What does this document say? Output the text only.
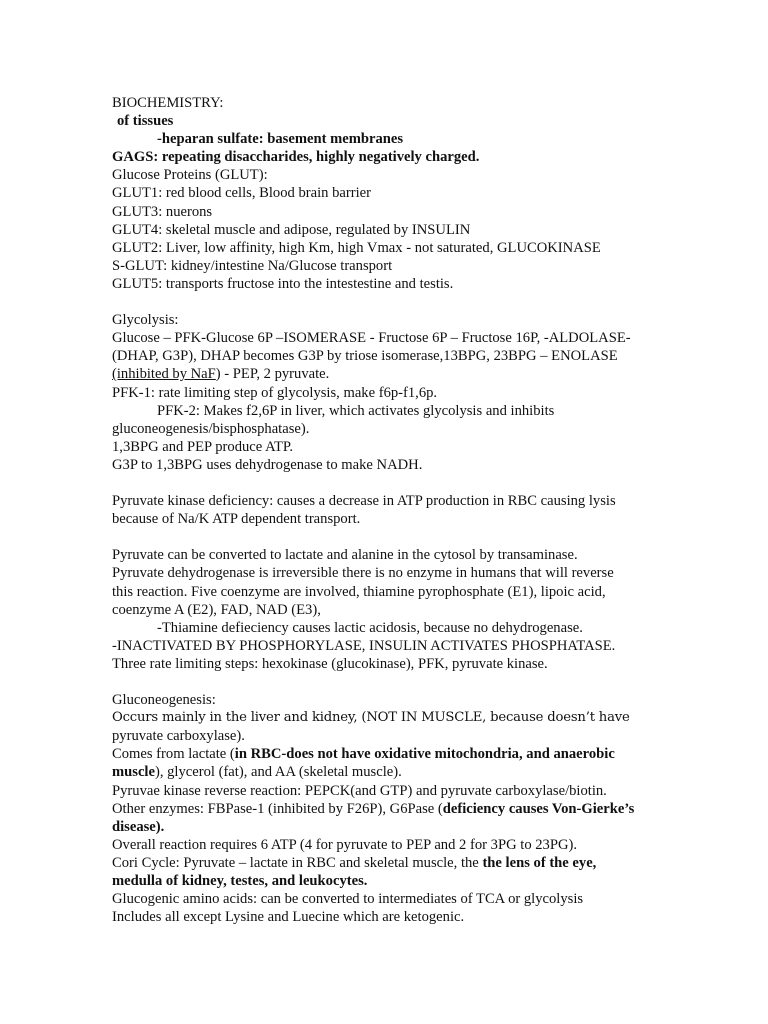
BIOCHEMISTRY:
of tissues
-heparan sulfate: basement membranes
GAGS: repeating disaccharides, highly negatively charged.
Glucose Proteins (GLUT):
GLUT1: red blood cells, Blood brain barrier
GLUT3: nuerons
GLUT4: skeletal muscle and adipose, regulated by INSULIN
GLUT2: Liver, low affinity, high Km, high Vmax - not saturated, GLUCOKINASE
S-GLUT: kidney/intestine Na/Glucose transport
GLUT5: transports fructose into the intestestine and testis.
Glycolysis:
Glucose – PFK-Glucose 6P –ISOMERASE - Fructose 6P – Fructose 16P, -ALDOLASE-
(DHAP, G3P), DHAP becomes G3P by triose isomerase,13BPG, 23BPG – ENOLASE
(inhibited by NaF) - PEP, 2 pyruvate.
PFK-1: rate limiting step of glycolysis, make f6p-f1,6p.
PFK-2: Makes f2,6P in liver, which activates glycolysis and inhibits
gluconeogenesis/bisphosphatase).
1,3BPG and PEP produce ATP.
G3P to 1,3BPG uses dehydrogenase to make NADH.
Pyruvate kinase deficiency: causes a decrease in ATP production in RBC causing lysis
because of Na/K ATP dependent transport.
Pyruvate can be converted to lactate and alanine in the cytosol by transaminase.
Pyruvate dehydrogenase is irreversible there is no enzyme in humans that will reverse
this reaction. Five coenzyme are involved, thiamine pyrophosphate (E1), lipoic acid,
coenzyme A (E2), FAD, NAD (E3),
-Thiamine defieciency causes lactic acidosis, because no dehydrogenase.
-INACTIVATED BY PHOSPHORYLASE, INSULIN ACTIVATES PHOSPHATASE.
Three rate limiting steps: hexokinase (glucokinase), PFK, pyruvate kinase.
Gluconeogenesis:
Occurs mainly in the liver and kidney, (NOT IN MUSCLE, because doesn’t have
pyruvate carboxylase).
Comes from lactate (in RBC-does not have oxidative mitochondria, and anaerobic
muscle), glycerol (fat), and AA (skeletal muscle).
Pyruvae kinase reverse reaction: PEPCK(and GTP) and pyruvate carboxylase/biotin.
Other enzymes: FBPase-1 (inhibited by F26P), G6Pase (deficiency causes Von-Gierke’s
disease).
Overall reaction requires 6 ATP (4 for pyruvate to PEP and 2 for 3PG to 23PG).
Cori Cycle: Pyruvate – lactate in RBC and skeletal muscle, the the lens of the eye,
medulla of kidney, testes, and leukocytes.
Glucogenic amino acids: can be converted to intermediates of TCA or glycolysis
Includes all except Lysine and Luecine which are ketogenic.
